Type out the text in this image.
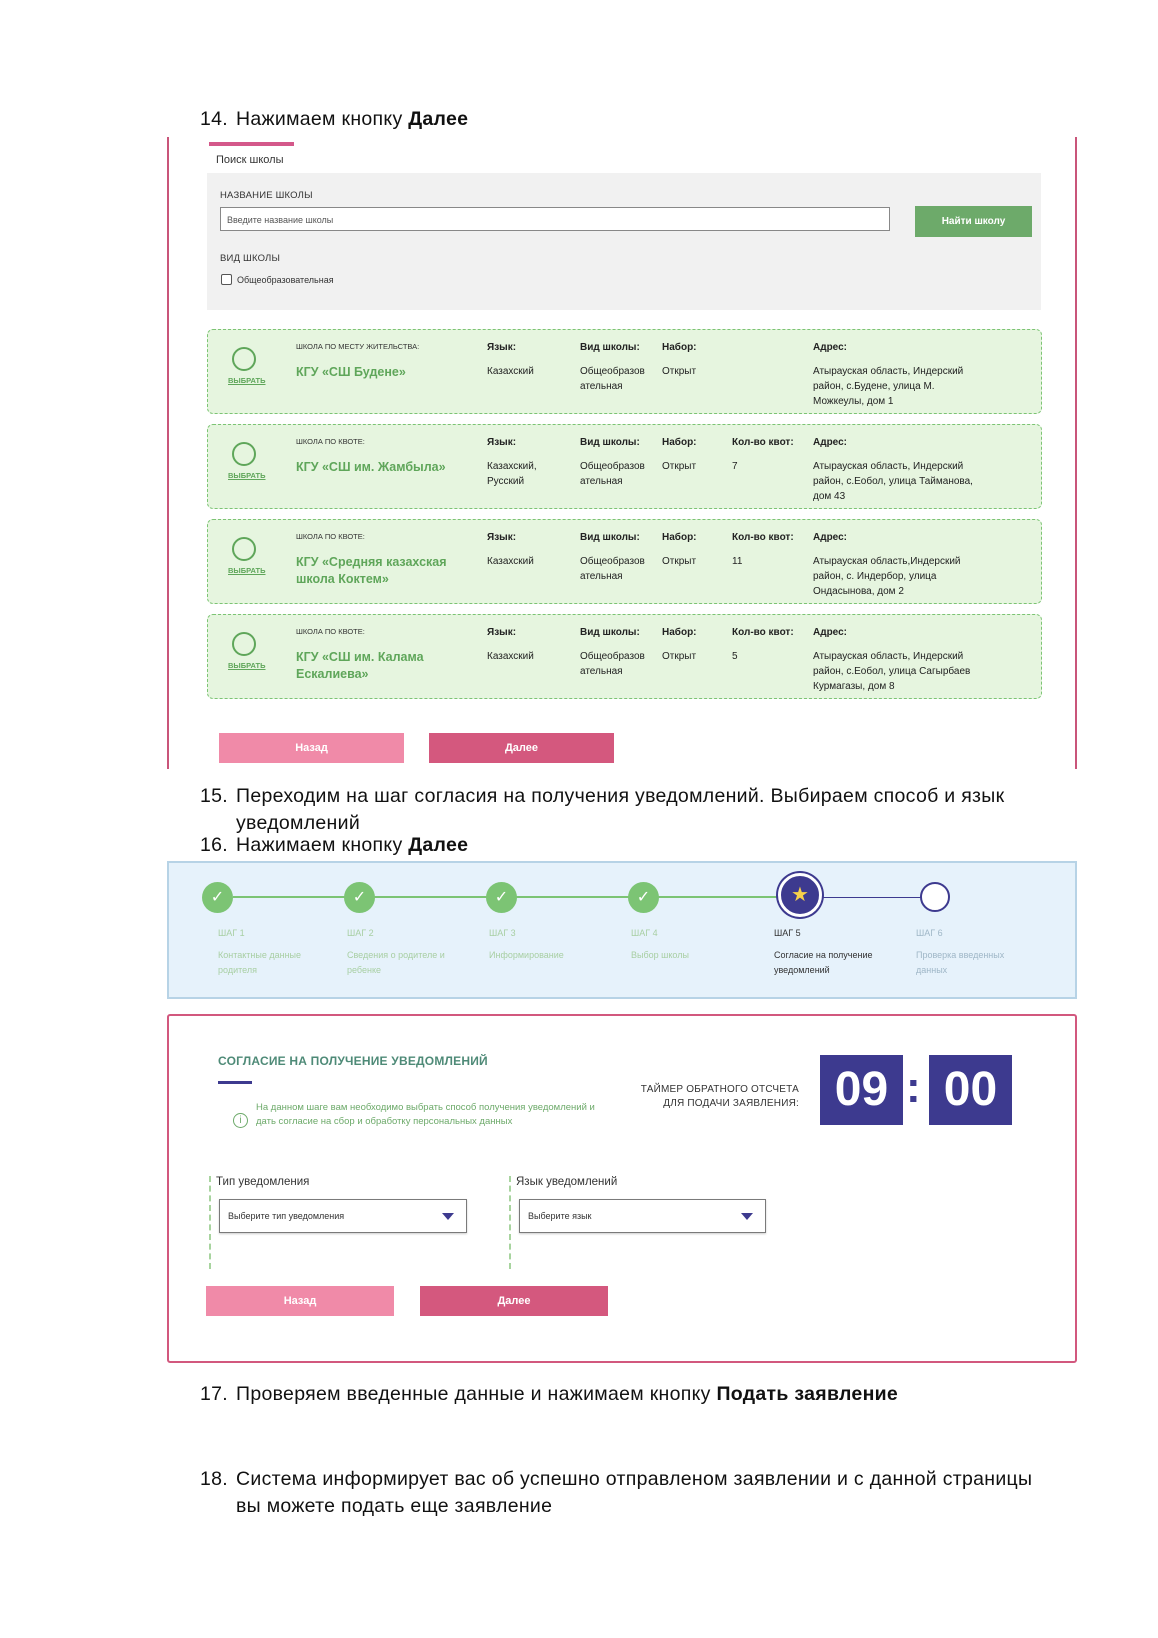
14. Нажимаем кнопку Далее
Поиск школы
НАЗВАНИЕ ШКОЛЫ
Введите название школы	Найти школу
ВИД ШКОЛЫ
Общеобразовательная
ВЫБРАТЬ
ШКОЛА ПО МЕСТУ ЖИТЕЛЬСТВА:
КГУ «СШ Будене»
Язык:
Казахский
Вид школы:
Общеобразов ательная
Набор:
Открыт
Адрес:
Атырауская область, Индерский район, с.Будене, улица М. Можкеулы, дом 1
ВЫБРАТЬ
ШКОЛА ПО КВОТЕ:
КГУ «СШ им. Жамбыла»
Язык:
Казахский, Русский
Вид школы:
Общеобразов ательная
Набор:
Открыт
Кол-во квот:
7
Адрес:
Атырауская область, Индерский район, с.Еобол, улица Тайманова, дом 43
ВЫБРАТЬ
ШКОЛА ПО КВОТЕ:
КГУ «Средняя казахская школа Коктем»
Язык:
Казахский
Вид школы:
Общеобразов ательная
Набор:
Открыт
Кол-во квот:
11
Адрес:
Атырауская область,Индерский район, с. Индербор, улица Ондасынова, дом 2
ВЫБРАТЬ
ШКОЛА ПО КВОТЕ:
КГУ «СШ им. Калама Ескалиева»
Язык:
Казахский
Вид школы:
Общеобразов ательная
Набор:
Открыт
Кол-во квот:
5
Адрес:
Атырауская область, Индерский район, с.Еобол, улица Сагырбаев Курмагазы, дом 8
Назад	Далее
15. Переходим на шаг согласия на получения уведомлений. Выбираем способ и язык
уведомлений
16. Нажимаем кнопку Далее
✓	✓	✓	✓	★
ШАГ 1
Контактные данные родителя
ШАГ 2
Сведения о родителе и ребенке
ШАГ 3
Информирование
ШАГ 4
Выбор школы
ШАГ 5
Согласие на получение уведомлений
ШАГ 6
Проверка введенных данных
СОГЛАСИЕ НА ПОЛУЧЕНИЕ УВЕДОМЛЕНИЙ
i
На данном шаге вам необходимо выбрать способ получения уведомлений и дать согласие на сбор и обработку персональных данных
ТАЙМЕР ОБРАТНОГО ОТСЧЕТА
ДЛЯ ПОДАЧИ ЗАЯВЛЕНИЯ: 09 : 00
Тип уведомления
Выберите тип уведомления
Язык уведомлений
Выберите язык
Назад	Далее
17. Проверяем введенные данные и нажимаем кнопку Подать заявление
18. Система информирует вас об успешно отправленом заявлении и с данной страницы
вы можете подать еще заявление
